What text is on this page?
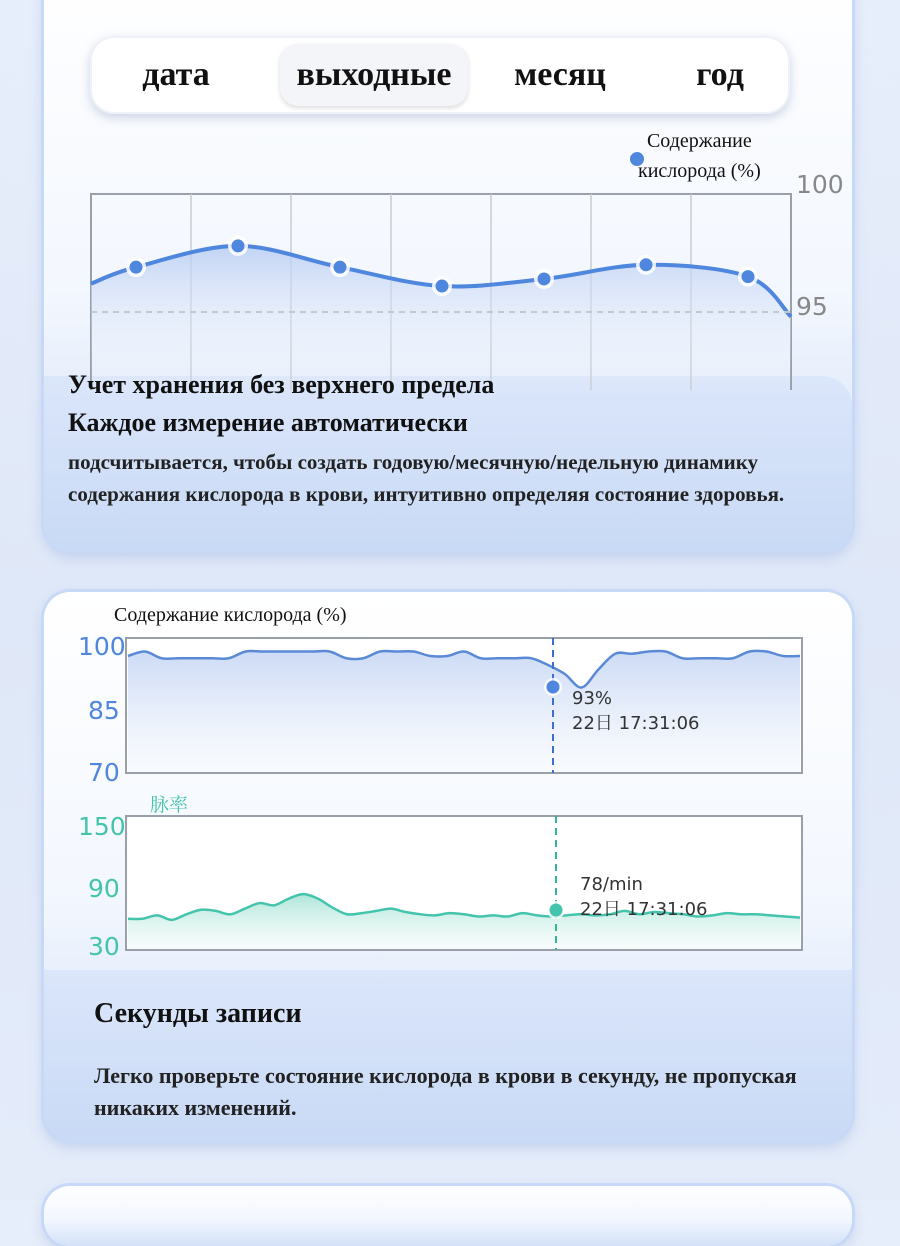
дата	выходные	месяц	год
Содержание
кислорода (%) 100
95
Учет хранения без верхнего предела
Каждое измерение автоматически
подсчитывается, чтобы создать годовую/месячную/недельную динамику содержания кислорода в крови, интуитивно определяя состояние здоровья.
Содержание кислорода (%)
100
85
70
93%
22日 17:31:06
脉率
150
90
30
78/min
22日 17:31:06
Секунды записи
Легко проверьте состояние кислорода в крови в секунду, не пропуская никаких изменений.
